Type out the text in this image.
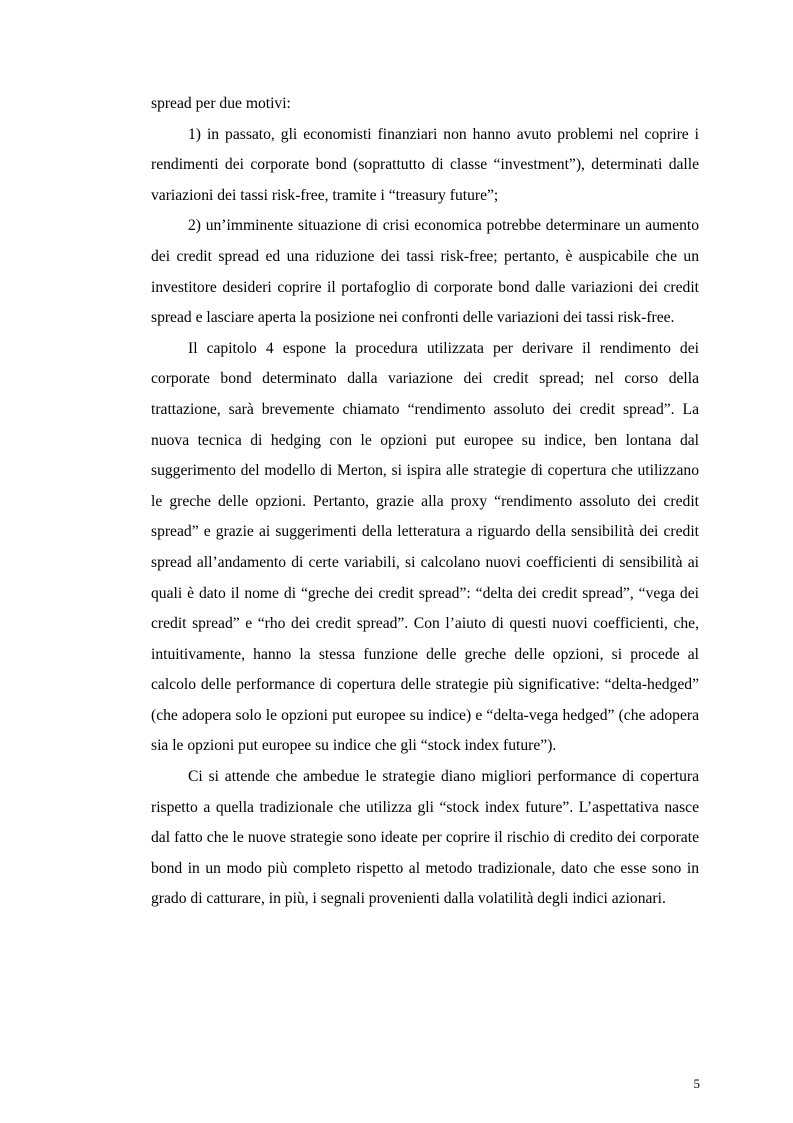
spread per due motivi:

1) in passato, gli economisti finanziari non hanno avuto problemi nel coprire i rendimenti dei corporate bond (soprattutto di classe “investment”), determinati dalle variazioni dei tassi risk-free, tramite i “treasury future”;

2) un’imminente situazione di crisi economica potrebbe determinare un aumento dei credit spread ed una riduzione dei tassi risk-free; pertanto, è auspicabile che un investitore desideri coprire il portafoglio di corporate bond dalle variazioni dei credit spread e lasciare aperta la posizione nei confronti delle variazioni dei tassi risk-free.

Il capitolo 4 espone la procedura utilizzata per derivare il rendimento dei corporate bond determinato dalla variazione dei credit spread; nel corso della trattazione, sarà brevemente chiamato “rendimento assoluto dei credit spread”. La nuova tecnica di hedging con le opzioni put europee su indice, ben lontana dal suggerimento del modello di Merton, si ispira alle strategie di copertura che utilizzano le greche delle opzioni. Pertanto, grazie alla proxy “rendimento assoluto dei credit spread” e grazie ai suggerimenti della letteratura a riguardo della sensibilità dei credit spread all’andamento di certe variabili, si calcolano nuovi coefficienti di sensibilità ai quali è dato il nome di “greche dei credit spread”: “delta dei credit spread”, “vega dei credit spread” e “rho dei credit spread”. Con l’aiuto di questi nuovi coefficienti, che, intuitivamente, hanno la stessa funzione delle greche delle opzioni, si procede al calcolo delle performance di copertura delle strategie più significative: “delta-hedged” (che adopera solo le opzioni put europee su indice) e “delta-vega hedged” (che adopera sia le opzioni put europee su indice che gli “stock index future”).

Ci si attende che ambedue le strategie diano migliori performance di copertura rispetto a quella tradizionale che utilizza gli “stock index future”. L’aspettativa nasce dal fatto che le nuove strategie sono ideate per coprire il rischio di credito dei corporate bond in un modo più completo rispetto al metodo tradizionale, dato che esse sono in grado di catturare, in più, i segnali provenienti dalla volatilità degli indici azionari.

5
